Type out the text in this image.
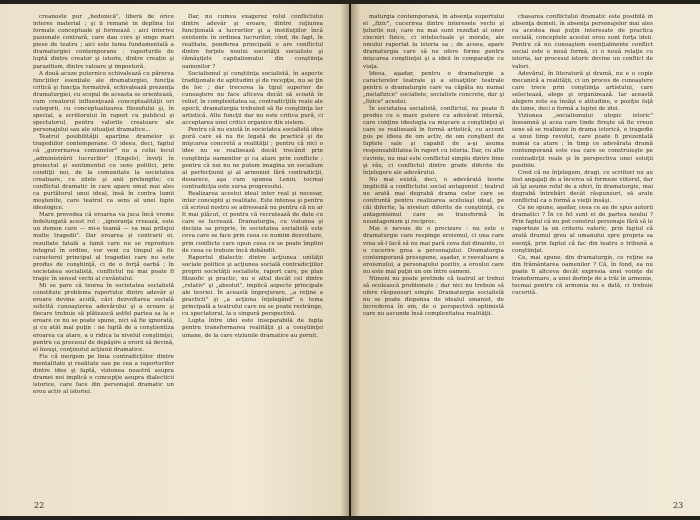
creanoste pur „hedonică", liberă de orice interes material ; şi ii remanè in deplina lui formale conceptuale şi formează ; aici interivu pasionale contrară, care dau curs şi singe mari piese de teatru ; aici este tema fundamentală a dramaturgiei contemporane : raporturile de luptă dintre creator şi istorie, dintre creație şi parazitism, dintre valoare şi impostură.

A două acuze puternice echivalează cu părerea funcțiilor esențiale ale dramaturgiei, funcţia critică şi funcţia formativă, echivalează prezenţa dramaturgiei, cu scopul de aceasta se orientează, cum creatorul influenţează conceptualităţii ori categorii, cu conceptualizarea filozofului şi, în special, a scriitorului în raport cu publicul şi spectatorul, pentru valorile creatoare ale personajului sau ale situaţiei dramatice...

Teatrul posibilităţii aparține dramelor şi tragediilor contemporane. O ideea, deci, faptul că „guvernarea comunelor" nu a celui locul „administrării lucrurilor" (Engels), înveţi în proiectul şi sentimentul cu sens politici, prin condiţii noi, de la comunitate la societatea creatoare, cu zilele şi anii prelungite; cu conflictul dramatic în care apare omul mai ales ca purtătorul unui ideal, însă în contra lumii moştenite, care teatrul ca sens al unei lupte ideologice.

Marx prevedea că eroarea va juca încă vreme îndelungată acest rol : „ignoranţa creează, este un demon care — mi-e teamă — va mai prilejui multe tragedii". Dar eroarea şi contrarii ei, rezultate fatală a lumii care nu se reproduce integral în ordine, vor veni cu timpul să fie caracterul principal al tragediei care nu este produs de conştiinţă, ci de o forţă oarbă ; în societatea socialistă, conflictul nu mai poate fi tragic în sensul vechi al cuvântului.

Mi se pare că teorea în societatea socialistă constituie problema raportului dintre adevăr şi eroare devine acută, căci dezvoltarea socială solicită cunoaşterea adevărului şi a eroare şi fiecare trebuie să plătească astfel partea sa la o eroare ce nu se poate spune, nici să fie ignorată, şi cu atât mai puţin : ne luptă de a conştientiza eroarea ca atare, a o ridica la nivelul conştiinţei, pentru ca procesul de depăşire a erorii să devină, el însuşi, conţinutul acţiunii dramatice.

Fie că mergem pe linia contradicţiilor dintre mentalitate şi realitate sau pe cea a raporturilor dintre idee şi faptă, viziunea noastră asupra dramei noi implică o concepţie asupra dialecticii istorice, care face din personajul dramatic un erou activ al istoriei.

Dar, nu cumva exagerez rolul conflictului dintre adevăr şi eroare, dintre raţiunea funcţională a lucrurilor şi a instituţiilor încă existente în ordinea lucrurilor, cînd, de fapt, în realitate, ponderea principală o are conflictul dintre forţele noului societăţii socialiste şi rămăşiţele capitalismului din conştiinţa oamenilor ?

Socialismul şi conştiinţa socialistă, în aspecte tradiţionale de aptitudini şi de recepţie, nu se ţin de loc ; dar trecerea la tipul superior de cunoaştere nu face altceva decât să scoată în relief, în complexitatea sa, contradicţiile reale ale epocii, dramaturgia trebuind să fie conştiinţa lor artistică. Alte funcţii dar nu este critica pură, ci acceptarea unei critici organice din sistem.

Pentru că nu există în societatea socialistă idee pură care să nu fie legată de practică şi de mişcarea concretă a realităţii ; pentru că nici o idee nu se realizează decât trecând prin conştiinţa oamenilor şi ca atare prin conflicte ; pentru că noi nu ne putem imagina un socialism al perfecţiunii şi al armoniei fără contradicţii, deoarece, aşa cum spunea Lenin, tocmai contradicţia este sursa progresului.

Realizarea acestui ideal inter real şi necesar, inter conceptii şi realitate. Este intensa şi pentru că scrisul nostru se adresează nu pentru că nu ar fi mai plăcut, ci pentru că recrutează de date cu care se lucrează. Dramaturgia, cu viziunea şi decizia sa proprie, în societatea socialistă este ceva care se face prin ceea ce numim dezvoltare, prin conflicte care opun ceea ce se poate împlini de ceea ce trebuie încă dobândit.

Raportul dialectic dintre acţiunea unităţii sociale politice şi acţiunea socială contradicţiilor proprii societăţii socialiste, raport care, pe plan filozofic şi practic, nu e altul decât cel dintre „relativ" şi „absolut", implică aspecte principale ale teoriei. În această împrejurare, „a reţine a practicii" şi „a acţiona înţelegând" e tema principală a teatrului care nu se poate restrânge, cu spectatorul, la o singură perspectivă.

Lupta între idei este inseparabilă de lupta pentru transformarea realităţii şi a conştiinţei umane, de la care viziunile dramatice au pornit.

22

maturgia contemporană, în absenţa suportului ei „fizic", cucerirea dintre interesele vechi şi ţelurile noi, care nu mai sunt rezultat al unor ciocniri fizice, ci intelectuale şi morale, ale omului raportat la istoria sa ; de aceea, apare dramaturgia care să ne ofere forme pentru mişcarea conştiinţei şi a ideii în comparaţie cu viaţa.

Ideea, aşadar, pentru o dramaturgie a caracterelor teatrale şi a situaţiilor teatrale pentru o dramaturgie care va căpăta nu numai „metafizice" socialiste, socialiste concrete, dar şi „fizice" acestei.

În societatea socialistă, conflictul, nu poate fi produs cu o mare putere cu adevărat internă, care conţine ideologia ca mişcare a conştiinţei şi care se realizează în formă artistică, cu accent pus pe ideea de om activ, de om conştient de faptele sale şi capabil de a-şi asuma responsabilitatea în raport cu istoria. Dar, cu alte cuvinte, nu mai este conflictul simplu dintre bine şi rău, ci conflictul dintre grade diferite de înţelegere ale adevărului.

Nu mai există, deci, o adevărată teorie implicită a conflictului social antagonist ; teatrul ne arată mai degrabă drama celor care se confruntă pentru realizarea aceluiaşi ideal, pe căi diferite, la niveluri diferite de conştiinţă, cu antagonismul care se transformă în neantagonism şi reciproc.

Mai e nevoie de o precizare : nu este o dramaturgie care respinge eroismul, ci una care vrea să-l facă să nu mai pară ceva dat dinainte, ci o cucerire grea a personajului. Dramaturgia contemporană presupune, aşadar, o reevaluare a eroismului, a personajului pozitiv, a eroului care nu este mai puţin un om între oameni.

Nimeni nu poate pretinde că teatrul ar trebui să ocolească problemele ; dar nici nu trebuie să ofere răspunsuri simple. Dramaturgia socialistă nu se poate dispensa de idealul umanist, de încrederea în om, de o perspectivă optimistă care nu ascunde însă complexitatea realităţii.

chasarea conflictului dramatic este posibilă în absenţa demeii, în absenţa personajelor mai ales ca acestea mai puţin interesate de practica socială, conceptele acestui erou sunt forţa ideii. Pentru că nu cunoaştem esenţialmente conflict social este o nouă formă, ci o nouă relaţie cu istoria, iar procesul istoric devine un conflict de valori.

Adevărul, în literatură şi dramă, nu e o copie mecanică a realităţii, ci un proces de cunoaştere care trece prin conştiinţa artistului, care selectează, alege şi organizează. Iar această alegere este ea însăşi o atitudine, o poziţie faţă de lume, deci o formă a luptei de idei.

Viziunea „socialismului utopic istoric" înseamnă şi acea care tinde fireşte să fie vreun sens să se realizeze în drama istorică, o tragedie a unui timp revolut, care poate fi prezentată numai ca atare ; în timp ce adevărata dramă contemporană este cea care se construieşte pe contradicţii reale şi în perspectiva unei soluţii posibile.

Cred că ne înţelegem, dragi, ce scriitori nu au fost angajaţi de a încerca să formeze viitorul, dar să îşi asume rolul de a oferi, în dramaturgie, mai degrabă întrebări decât răspunsuri, să arate conflictul ca o formă a vieţii însăşi.

Ce ne spune, aşadar, ceea ce au de spus autorii dramatici ? În ce fel sunt ei de partea noului ? Prin faptul că nu pot construi personaje fără să le raporteze la un criteriu valoric, prin faptul că arată drumul greu al umanului spre propria sa esenţă, prin faptul că fac din teatru o tribună a conştiinţei.

Ce, mai spune, din dramaturgie, ce reţine ea din frământarea oamenilor ? Că, în fond, ea nu poate fi altceva decât expresia unei voinţe de transformare, a unei dorinţe de a trăi în armonie, tocmai pentru că armonia nu e dată, ci trebuie cucerită.

23
